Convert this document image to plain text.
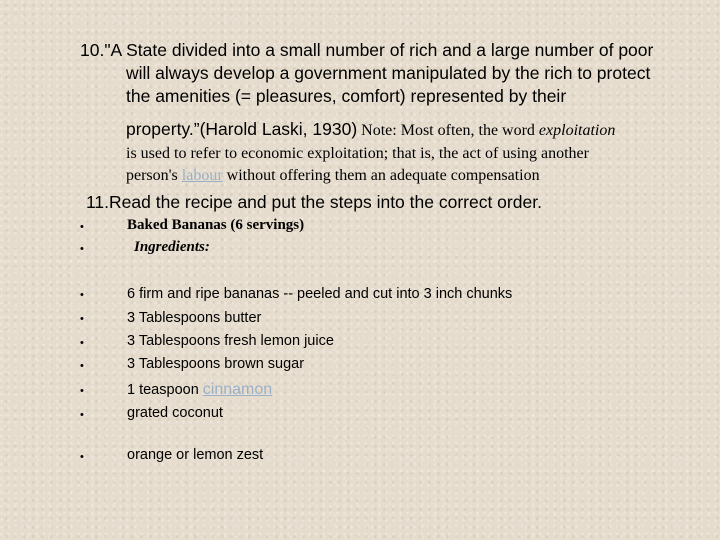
10."A State divided into a small number of rich and a large number of poor
will always develop a government manipulated by the rich to protect
the amenities (= pleasures, comfort) represented by their
property.”(Harold Laski, 1930) Note: Most often, the word exploitation
is used to refer to economic exploitation; that is, the act of using another
person's labour without offering them an adequate compensation
11.Read the recipe and put the steps into the correct order.
•	Baked Bananas (6 servings)
•	Ingredients:
•	6 firm and ripe bananas -- peeled and cut into 3 inch chunks
•	3 Tablespoons butter
•	3 Tablespoons fresh lemon juice
•	3 Tablespoons brown sugar
•	1 teaspoon cinnamon
•	grated coconut
•	orange or lemon zest
